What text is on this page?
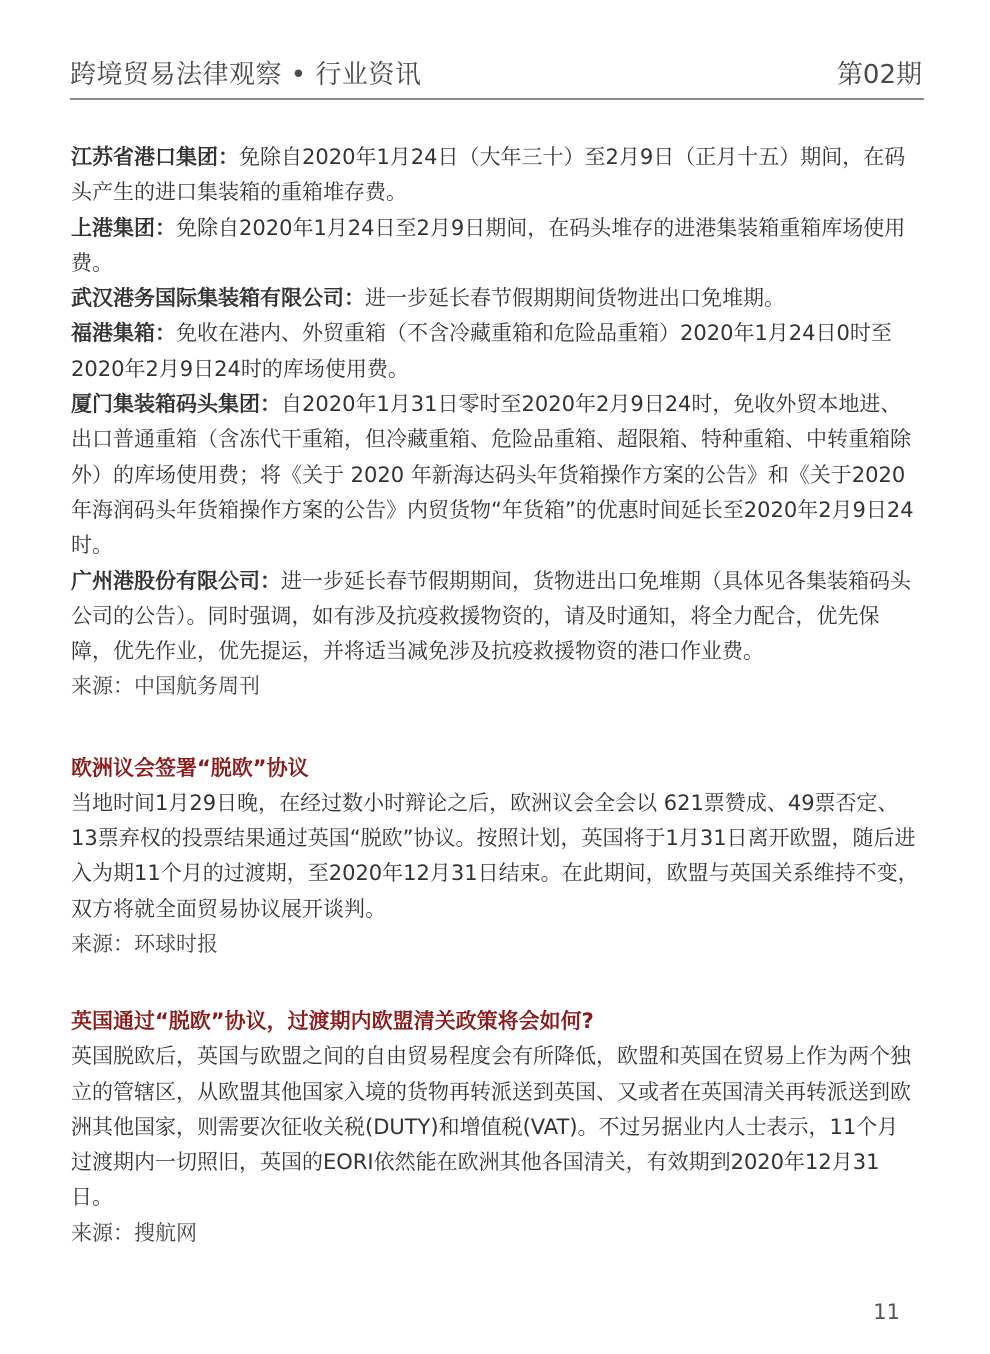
跨境贸易法律观察 • 行业资讯	第02期

江苏省港口集团：免除自2020年1月24日（大年三十）至2月9日（正月十五）期间，在码头产生的进口集装箱的重箱堆存费。

上港集团：免除自2020年1月24日至2月9日期间，在码头堆存的进港集装箱重箱库场使用费。

武汉港务国际集装箱有限公司：进一步延长春节假期期间货物进出口免堆期。

福港集箱：免收在港内、外贸重箱（不含冷藏重箱和危险品重箱）2020年1月24日0时至2020年2月9日24时的库场使用费。

厦门集装箱码头集团：自2020年1月31日零时至2020年2月9日24时，免收外贸本地进、出口普通重箱（含冻代干重箱，但冷藏重箱、危险品重箱、超限箱、特种重箱、中转重箱除外）的库场使用费；将《关于 2020 年新海达码头年货箱操作方案的公告》和《关于2020年海润码头年货箱操作方案的公告》内贸货物“年货箱”的优惠时间延长至2020年2月9日24时。

广州港股份有限公司：进一步延长春节假期期间，货物进出口免堆期（具体见各集装箱码头公司的公告）。同时强调，如有涉及抗疫救援物资的，请及时通知，将全力配合，优先保障，优先作业，优先提运，并将适当减免涉及抗疫救援物资的港口作业费。

来源：中国航务周刊

欧洲议会签署“脱欧”协议

当地时间1月29日晚，在经过数小时辩论之后，欧洲议会全会以 621票赞成、49票否定、13票弃权的投票结果通过英国“脱欧”协议。按照计划，英国将于1月31日离开欧盟，随后进入为期11个月的过渡期，至2020年12月31日结束。在此期间，欧盟与英国关系维持不变，双方将就全面贸易协议展开谈判。

来源：环球时报

英国通过“脱欧”协议，过渡期内欧盟清关政策将会如何?

英国脱欧后，英国与欧盟之间的自由贸易程度会有所降低，欧盟和英国在贸易上作为两个独立的管辖区，从欧盟其他国家入境的货物再转派送到英国、又或者在英国清关再转派送到欧洲其他国家，则需要次征收关税(DUTY)和增值税(VAT)。不过另据业内人士表示，11个月过渡期内一切照旧，英国的EORI依然能在欧洲其他各国清关，有效期到2020年12月31 日。

来源：搜航网

11
